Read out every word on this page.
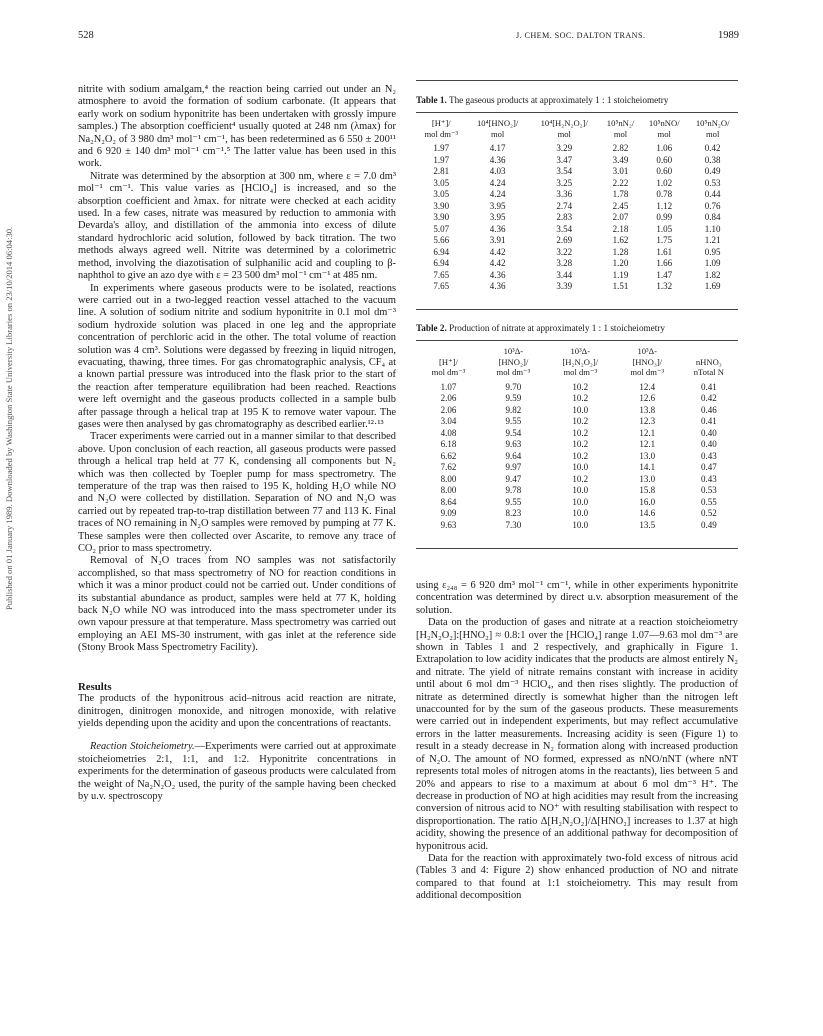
528	J. CHEM. SOC. DALTON TRANS.	1989
Published on 01 January 1989. Downloaded by Washington State University Libraries on 23/10/2014 06:04:30.

nitrite with sodium amalgam,⁴ the reaction being carried out under an N₂ atmosphere to avoid the formation of sodium carbonate. (It appears that early work on sodium hyponitrite has been undertaken with grossly impure samples.) The absorption coefficient⁴ usually quoted at 248 nm (λmax) for Na₂N₂O₂ of 3 980 dm³ mol⁻¹ cm⁻¹, has been redetermined as 6 550 ± 200¹¹ and 6 920 ± 140 dm³ mol⁻¹ cm⁻¹.⁵ The latter value has been used in this work.

Nitrate was determined by the absorption at 300 nm, where ε = 7.0 dm³ mol⁻¹ cm⁻¹. This value varies as [HClO₄] is increased, and so the absorption coefficient and λmax. for nitrate were checked at each acidity used. In a few cases, nitrate was measured by reduction to ammonia with Devarda's alloy, and distillation of the ammonia into excess of dilute standard hydrochloric acid solution, followed by back titration. The two methods always agreed well. Nitrite was determined by a colorimetric method, involving the diazotisation of sulphanilic acid and coupling to β-naphthol to give an azo dye with ε = 23 500 dm³ mol⁻¹ cm⁻¹ at 485 nm.

In experiments where gaseous products were to be isolated, reactions were carried out in a two-legged reaction vessel attached to the vacuum line. A solution of sodium nitrite and sodium hyponitrite in 0.1 mol dm⁻³ sodium hydroxide solution was placed in one leg and the appropriate concentration of perchloric acid in the other. The total volume of reaction solution was 4 cm³. Solutions were degassed by freezing in liquid nitrogen, evacuating, thawing, three times. For gas chromatographic analysis, CF₄ at a known partial pressure was introduced into the flask prior to the start of the reaction after temperature equilibration had been reached. Reactions were left overnight and the gaseous products collected in a sample bulb after passage through a helical trap at 195 K to remove water vapour. The gases were then analysed by gas chromatography as described earlier.¹²·¹³

Tracer experiments were carried out in a manner similar to that described above. Upon conclusion of each reaction, all gaseous products were passed through a helical trap held at 77 K, condensing all components but N₂ which was then collected by Toepler pump for mass spectrometry. The temperature of the trap was then raised to 195 K, holding H₂O while NO and N₂O were collected by distillation. Separation of NO and N₂O was carried out by repeated trap-to-trap distillation between 77 and 113 K. Final traces of NO remaining in N₂O samples were removed by pumping at 77 K. These samples were then collected over Ascarite, to remove any trace of CO₂ prior to mass spectrometry.

Removal of N₂O traces from NO samples was not satisfactorily accomplished, so that mass spectrometry of NO for reaction conditions in which it was a minor product could not be carried out. Under conditions of its substantial abundance as product, samples were held at 77 K, holding back N₂O while NO was introduced into the mass spectrometer under its own vapour pressure at that temperature. Mass spectrometry was carried out employing an AEI MS-30 instrument, with gas inlet at the reference side (Stony Brook Mass Spectrometry Facility).

Results

The products of the hyponitrous acid–nitrous acid reaction are nitrate, dinitrogen, dinitrogen monoxide, and nitrogen monoxide, with relative yields depending upon the acidity and upon the concentrations of reactants.

Reaction Stoicheiometry.—Experiments were carried out at approximate stoicheiometries 2:1, 1:1, and 1:2. Hyponitrite concentrations in experiments for the determination of gaseous products were calculated from the weight of Na₂N₂O₂ used, the purity of the sample having been checked by u.v. spectroscopy

Table 1. The gaseous products at approximately 1 : 1 stoicheiometry
[H⁺]/	10⁴[HNO₂]/	10⁴[H₂N₂O₂]/	10⁵nN₂/	10⁵nNO/	10⁵nN₂O/
mol dm⁻³	mol	mol	mol	mol	mol

1.97	4.17	3.29	2.82	1.06	0.42
1.97	4.36	3.47	3.49	0.60	0.38
2.81	4.03	3.54	3.01	0.60	0.49
3.05	4.24	3.25	2.22	1.02	0.53
3.05	4.24	3.36	1.78	0.78	0.44
3.90	3.95	2.74	2.45	1.12	0.76
3.90	3.95	2.83	2.07	0.99	0.84
5.07	4.36	3.54	2.18	1.05	1.10
5.66	3.91	2.69	1.62	1.75	1.21
6.94	4.42	3.22	1.28	1.61	0.95
6.94	4.42	3.28	1.20	1.66	1.09
7.65	4.36	3.44	1.19	1.47	1.82
7.65	4.36	3.39	1.51	1.32	1.69
Table 2. Production of nitrate at approximately 1 : 1 stoicheiometry
	10³Δ-	10³Δ-	10³Δ-	
[H⁺]/	[HNO₂]/	[H₂N₂O₂]/	[HNO₃]/	nHNO₃
mol dm⁻³	mol dm⁻³	mol dm⁻³	mol dm⁻³	nTotal N

1.07	9.70	10.2	12.4	0.41
2.06	9.59	10.2	12.6	0.42
2.06	9.82	10.0	13.8	0.46
3.04	9.55	10.2	12.3	0.41
4.08	9.54	10.2	12.1	0.40
6.18	9.63	10.2	12.1	0.40
6.62	9.64	10.2	13.0	0.43
7.62	9.97	10.0	14.1	0.47
8.00	9.47	10.2	13.0	0.43
8.00	9.78	10.0	15.8	0.53
8.64	9.55	10.0	16.0	0.55
9.09	8.23	10.0	14.6	0.52
9.63	7.30	10.0	13.5	0.49

using ε₂₄₈ = 6 920 dm³ mol⁻¹ cm⁻¹, while in other experiments hyponitrite concentration was determined by direct u.v. absorption measurement of the solution.

Data on the production of gases and nitrate at a reaction stoicheiometry [H₂N₂O₂]:[HNO₂] ≈ 0.8:1 over the [HClO₄] range 1.07—9.63 mol dm⁻³ are shown in Tables 1 and 2 respectively, and graphically in Figure 1. Extrapolation to low acidity indicates that the products are almost entirely N₂ and nitrate. The yield of nitrate remains constant with increase in acidity until about 6 mol dm⁻³ HClO₄, and then rises slightly. The production of nitrate as determined directly is somewhat higher than the nitrogen left unaccounted for by the sum of the gaseous products. These measurements were carried out in independent experiments, but may reflect accumulative errors in the latter measurements. Increasing acidity is seen (Figure 1) to result in a steady decrease in N₂ formation along with increased production of N₂O. The amount of NO formed, expressed as nNO/nNT (where nNT represents total moles of nitrogen atoms in the reactants), lies between 5 and 20% and appears to rise to a maximum at about 6 mol dm⁻³ H⁺. The decrease in production of NO at high acidities may result from the increasing conversion of nitrous acid to NO⁺ with resulting stabilisation with respect to disproportionation. The ratio Δ[H₂N₂O₂]/Δ[HNO₂] increases to 1.37 at high acidity, showing the presence of an additional pathway for decomposition of hyponitrous acid.

Data for the reaction with approximately two-fold excess of nitrous acid (Tables 3 and 4: Figure 2) show enhanced production of NO and nitrate compared to that found at 1:1 stoicheiometry. This may result from additional decomposition
